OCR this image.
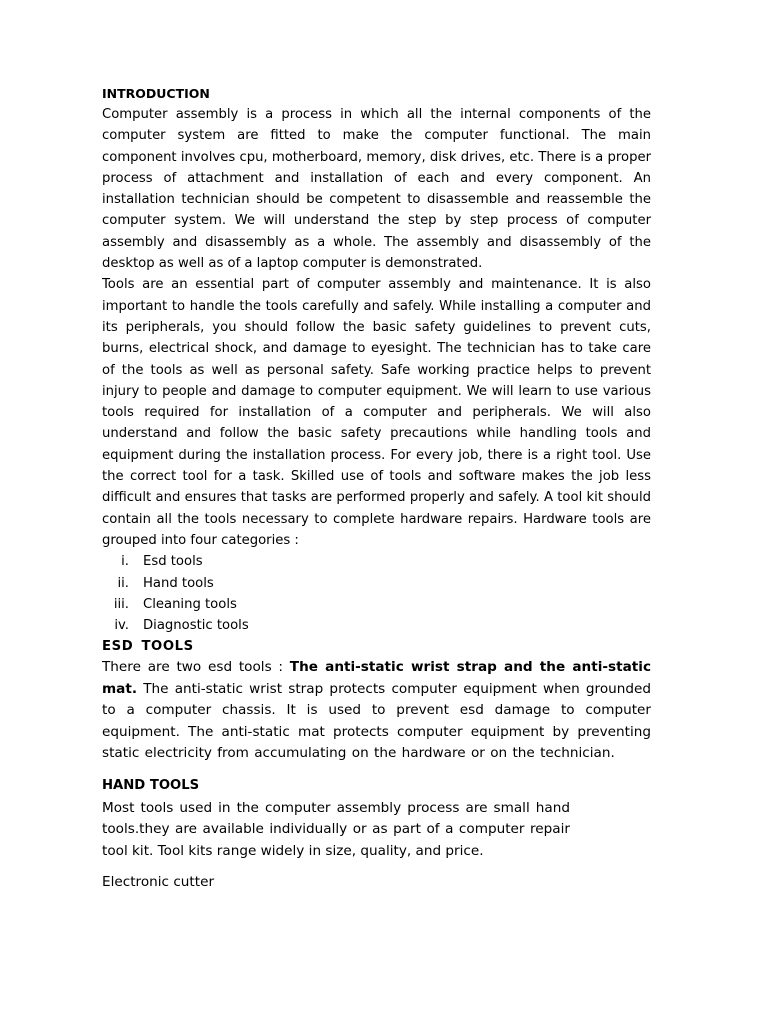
INTRODUCTION

Computer assembly is a process in which all the internal components of the computer system are fitted to make the computer functional. The main component involves cpu, motherboard, memory, disk drives, etc. There is a proper process of attachment and installation of each and every component. An installation technician should be competent to disassemble and reassemble the computer system. We will understand the step by step process of computer assembly and disassembly as a whole. The assembly and disassembly of the desktop as well as of a laptop computer is demonstrated.

Tools are an essential part of computer assembly and maintenance. It is also important to handle the tools carefully and safely. While installing a computer and its peripherals, you should follow the basic safety guidelines to prevent cuts, burns, electrical shock, and damage to eyesight. The technician has to take care of the tools as well as personal safety. Safe working practice helps to prevent injury to people and damage to computer equipment. We will learn to use various tools required for installation of a computer and peripherals. We will also understand and follow the basic safety precautions while handling tools and equipment during the installation process. For every job, there is a right tool. Use the correct tool for a task. Skilled use of tools and software makes the job less difficult and ensures that tasks are performed properly and safely. A tool kit should contain all the tools necessary to complete hardware repairs. Hardware tools are grouped into four categories :

i.	Esd tools
ii.	Hand tools
iii.	Cleaning tools
iv.	Diagnostic tools

ESD TOOLS

There are two esd tools : The anti-static wrist strap and the anti-static mat. The anti-static wrist strap protects computer equipment when grounded to a computer chassis. It is used to prevent esd damage to computer equipment. The anti-static mat protects computer equipment by preventing static electricity from accumulating on the hardware or on the technician.

HAND TOOLS

Most tools used in the computer assembly process are small hand tools.they are available individually or as part of a computer repair tool kit. Tool kits range widely in size, quality, and price.

Electronic cutter
